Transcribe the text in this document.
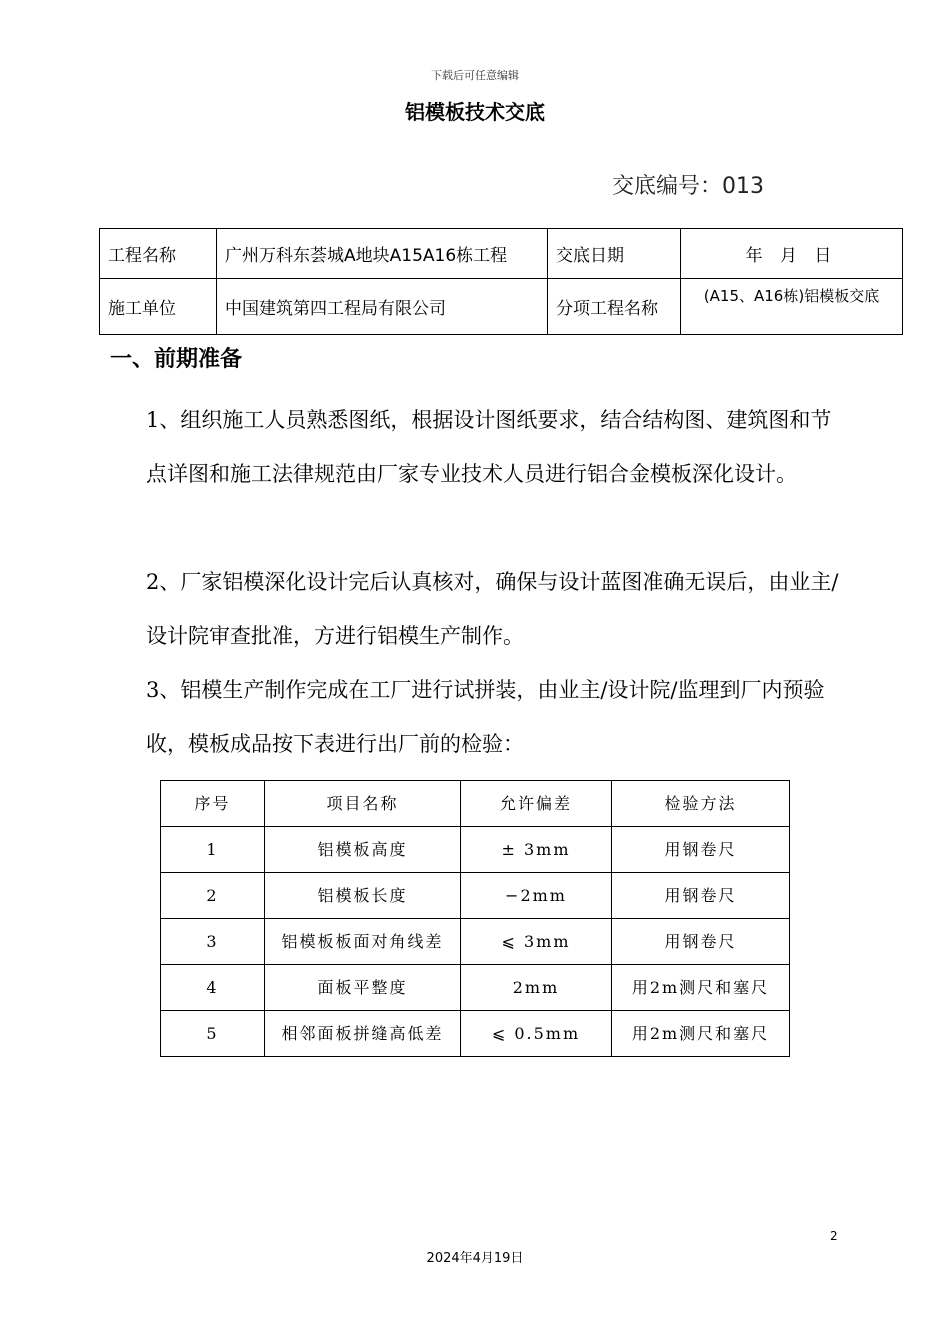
下载后可任意编辑
铝模板技术交底
交底编号：013
工程名称	广州万科东荟城A地块A15A16栋工程	交底日期	年 月 日
施工单位	中国建筑第四工程局有限公司	分项工程名称	(A15、A16栋)铝模板交底
一、前期准备

1、组织施工人员熟悉图纸，根据设计图纸要求，结合结构图、建筑图和节点详图和施工法律规范由厂家专业技术人员进行铝合金模板深化设计。

2、厂家铝模深化设计完后认真核对，确保与设计蓝图准确无误后，由业主/设计院审查批准，方进行铝模生产制作。

3、铝模生产制作完成在工厂进行试拼装，由业主/设计院/监理到厂内预验收，模板成品按下表进行出厂前的检验：

序号	项目名称	允许偏差	检验方法
1	铝模板高度	± 3mm	用钢卷尺
2	铝模板长度	−2mm	用钢卷尺
3	铝模板板面对角线差	⩽ 3mm	用钢卷尺
4	面板平整度	2mm	用2m测尺和塞尺
5	相邻面板拼缝高低差	⩽ 0.5mm	用2m测尺和塞尺
2
2024年4月19日
